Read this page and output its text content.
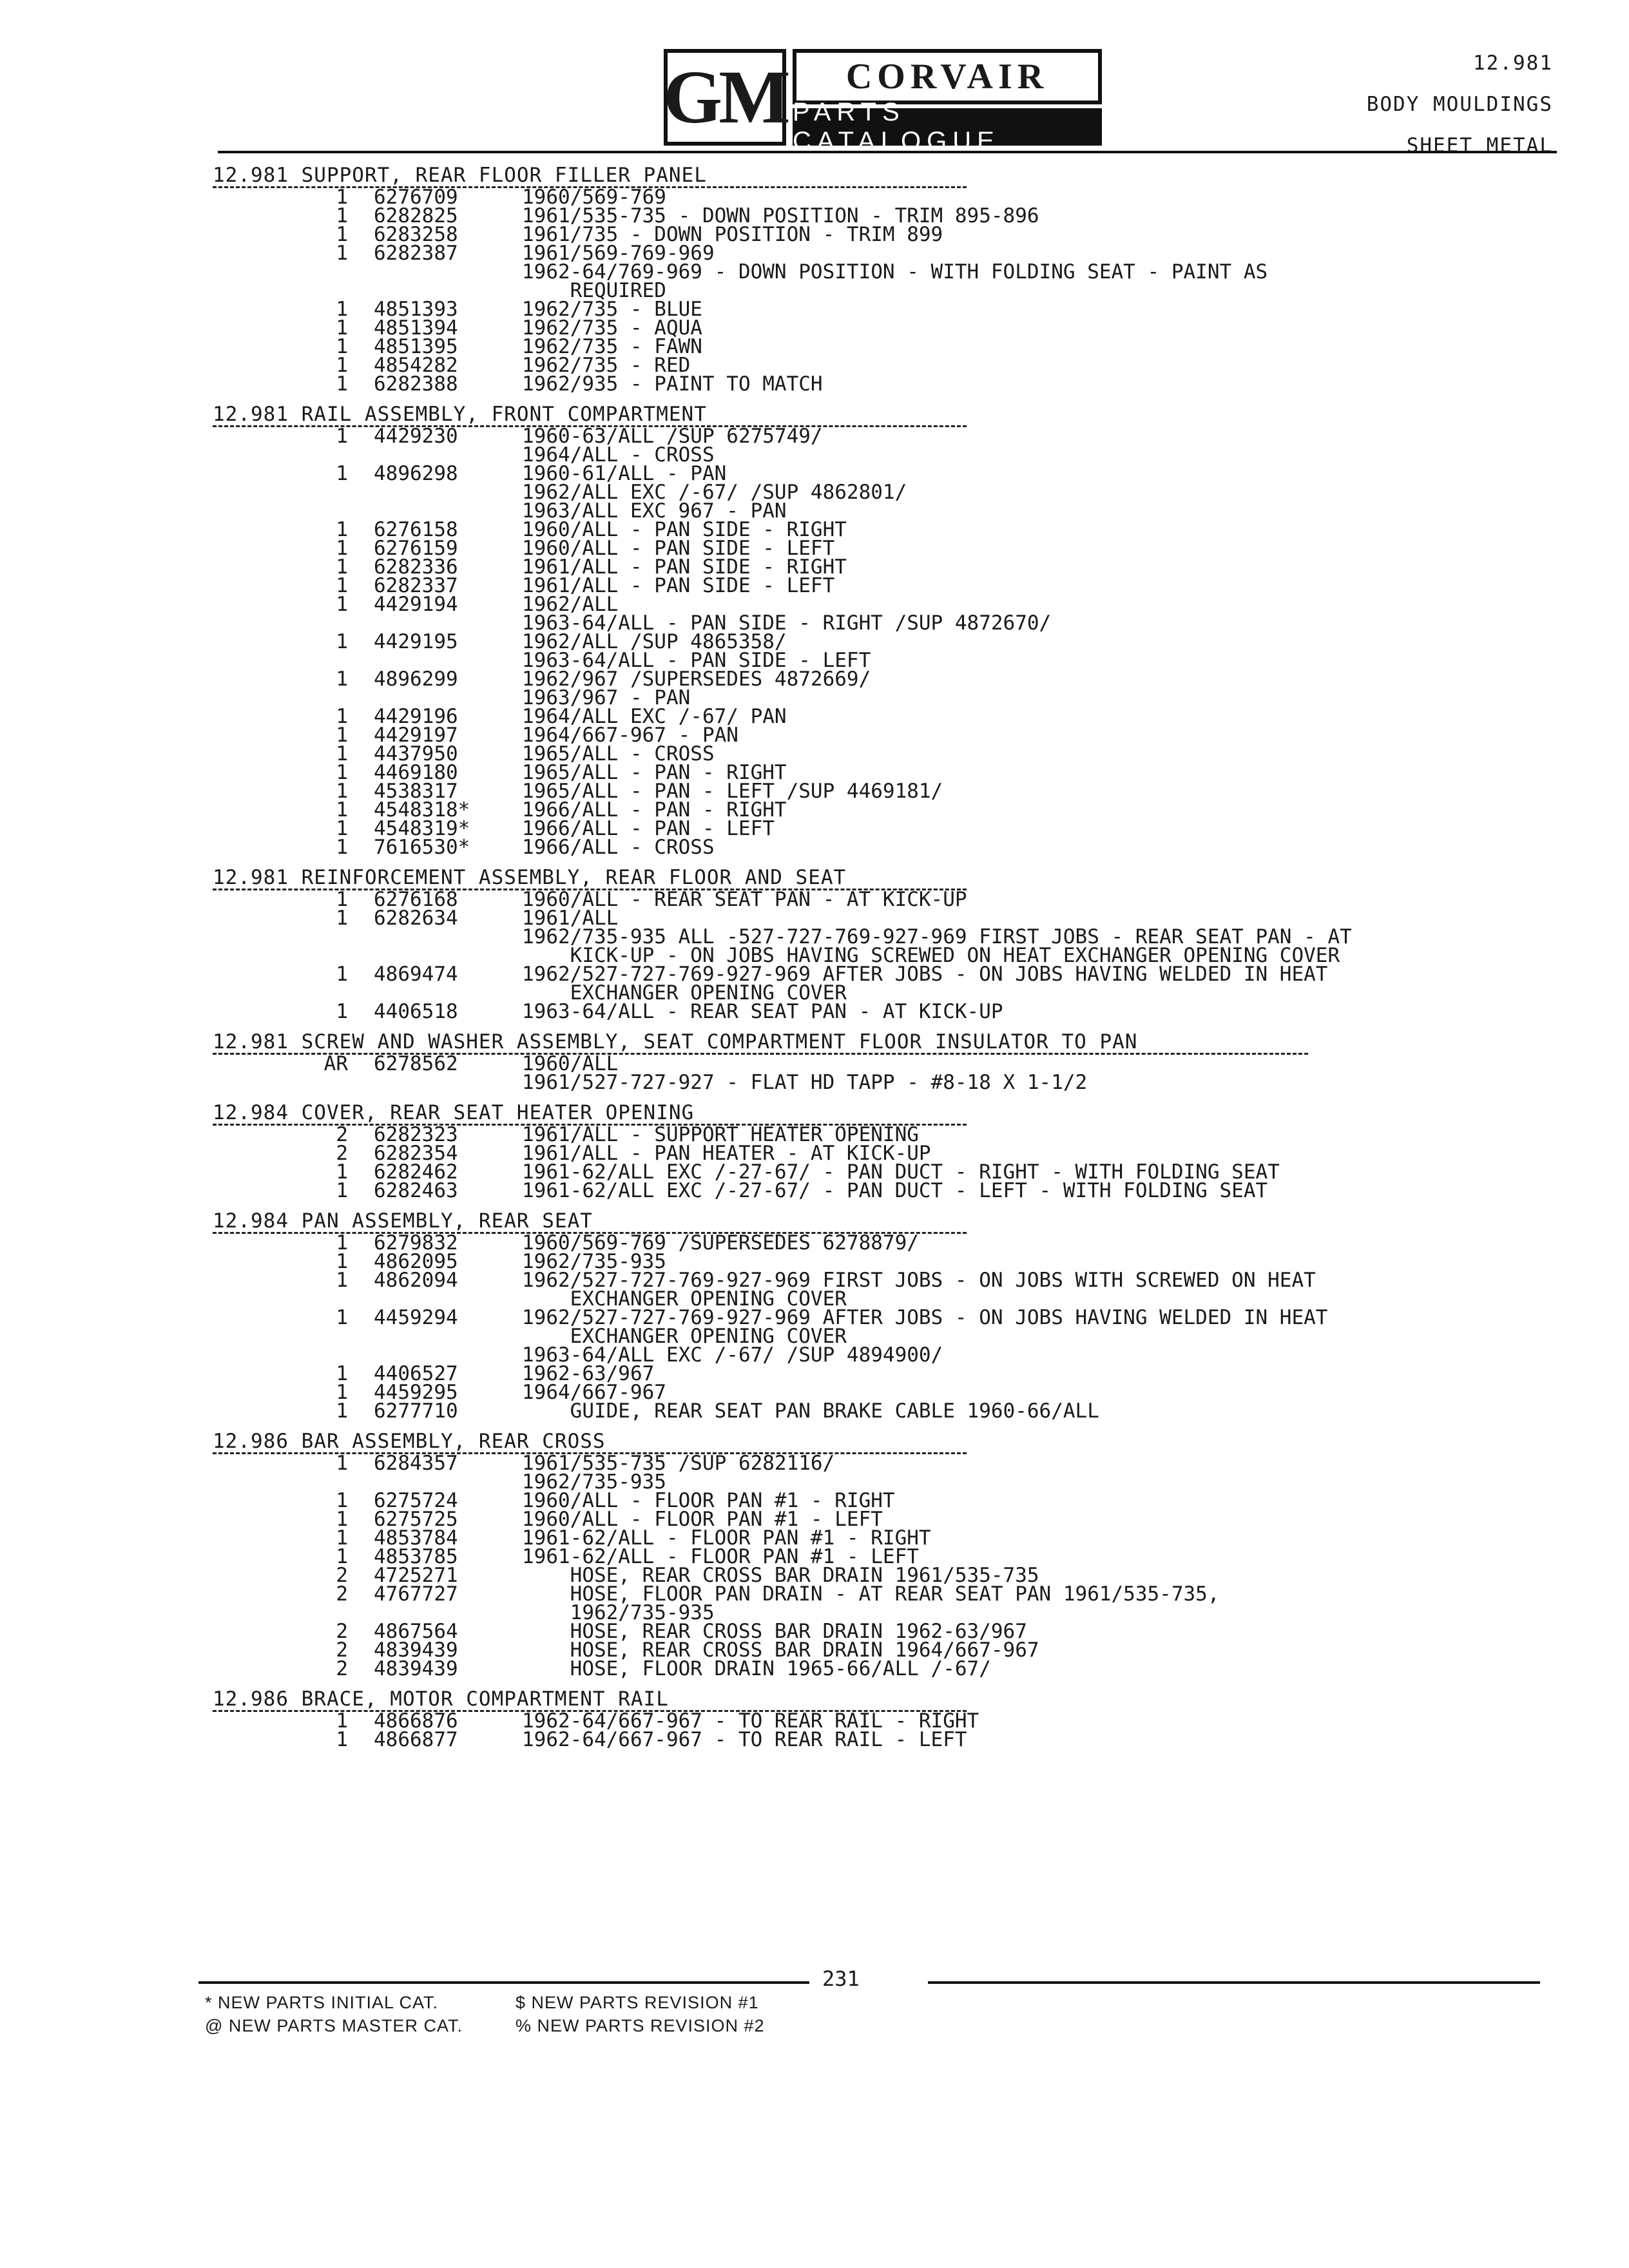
GM	CORVAIR
PARTS CATALOGUE
12.981
BODY MOULDINGS
SHEET METAL
12.981 SUPPORT, REAR FLOOR FILLER PANEL
1	6276709	1960/569-769
1	6282825	1961/535-735 - DOWN POSITION - TRIM 895-896
1	6283258	1961/735 - DOWN POSITION - TRIM 899
1	6282387	1961/569-769-969
1962-64/769-969 - DOWN POSITION - WITH FOLDING SEAT - PAINT AS
REQUIRED
1	4851393	1962/735 - BLUE
1	4851394	1962/735 - AQUA
1	4851395	1962/735 - FAWN
1	4854282	1962/735 - RED
1	6282388	1962/935 - PAINT TO MATCH
12.981 RAIL ASSEMBLY, FRONT COMPARTMENT
1	4429230	1960-63/ALL /SUP 6275749/
1964/ALL - CROSS
1	4896298	1960-61/ALL - PAN
1962/ALL EXC /-67/ /SUP 4862801/
1963/ALL EXC 967 - PAN
1	6276158	1960/ALL - PAN SIDE - RIGHT
1	6276159	1960/ALL - PAN SIDE - LEFT
1	6282336	1961/ALL - PAN SIDE - RIGHT
1	6282337	1961/ALL - PAN SIDE - LEFT
1	4429194	1962/ALL
1963-64/ALL - PAN SIDE - RIGHT /SUP 4872670/
1	4429195	1962/ALL /SUP 4865358/
1963-64/ALL - PAN SIDE - LEFT
1	4896299	1962/967 /SUPERSEDES 4872669/
1963/967 - PAN
1	4429196	1964/ALL EXC /-67/ PAN
1	4429197	1964/667-967 - PAN
1	4437950	1965/ALL - CROSS
1	4469180	1965/ALL - PAN - RIGHT
1	4538317	1965/ALL - PAN - LEFT /SUP 4469181/
1	4548318*	1966/ALL - PAN - RIGHT
1	4548319*	1966/ALL - PAN - LEFT
1	7616530*	1966/ALL - CROSS
12.981 REINFORCEMENT ASSEMBLY, REAR FLOOR AND SEAT
1	6276168	1960/ALL - REAR SEAT PAN - AT KICK-UP
1	6282634	1961/ALL
1962/735-935 ALL -527-727-769-927-969 FIRST JOBS - REAR SEAT PAN - AT
KICK-UP - ON JOBS HAVING SCREWED ON HEAT EXCHANGER OPENING COVER
1	4869474	1962/527-727-769-927-969 AFTER JOBS - ON JOBS HAVING WELDED IN HEAT
EXCHANGER OPENING COVER
1	4406518	1963-64/ALL - REAR SEAT PAN - AT KICK-UP
12.981 SCREW AND WASHER ASSEMBLY, SEAT COMPARTMENT FLOOR INSULATOR TO PAN
AR	6278562	1960/ALL
1961/527-727-927 - FLAT HD TAPP - #8-18 X 1-1/2
12.984 COVER, REAR SEAT HEATER OPENING
2	6282323	1961/ALL - SUPPORT HEATER OPENING
2	6282354	1961/ALL - PAN HEATER - AT KICK-UP
1	6282462	1961-62/ALL EXC /-27-67/ - PAN DUCT - RIGHT - WITH FOLDING SEAT
1	6282463	1961-62/ALL EXC /-27-67/ - PAN DUCT - LEFT - WITH FOLDING SEAT
12.984 PAN ASSEMBLY, REAR SEAT
1	6279832	1960/569-769 /SUPERSEDES 6278879/
1	4862095	1962/735-935
1	4862094	1962/527-727-769-927-969 FIRST JOBS - ON JOBS WITH SCREWED ON HEAT
EXCHANGER OPENING COVER
1	4459294	1962/527-727-769-927-969 AFTER JOBS - ON JOBS HAVING WELDED IN HEAT
EXCHANGER OPENING COVER
1963-64/ALL EXC /-67/ /SUP 4894900/
1	4406527	1962-63/967
1	4459295	1964/667-967
1	6277710	GUIDE, REAR SEAT PAN BRAKE CABLE 1960-66/ALL
12.986 BAR ASSEMBLY, REAR CROSS
1	6284357	1961/535-735 /SUP 6282116/
1962/735-935
1	6275724	1960/ALL - FLOOR PAN #1 - RIGHT
1	6275725	1960/ALL - FLOOR PAN #1 - LEFT
1	4853784	1961-62/ALL - FLOOR PAN #1 - RIGHT
1	4853785	1961-62/ALL - FLOOR PAN #1 - LEFT
2	4725271	HOSE, REAR CROSS BAR DRAIN 1961/535-735
2	4767727	HOSE, FLOOR PAN DRAIN - AT REAR SEAT PAN 1961/535-735,
1962/735-935
2	4867564	HOSE, REAR CROSS BAR DRAIN 1962-63/967
2	4839439	HOSE, REAR CROSS BAR DRAIN 1964/667-967
2	4839439	HOSE, FLOOR DRAIN 1965-66/ALL /-67/
12.986 BRACE, MOTOR COMPARTMENT RAIL
1	4866876	1962-64/667-967 - TO REAR RAIL - RIGHT
1	4866877	1962-64/667-967 - TO REAR RAIL - LEFT
231
* NEW PARTS INITIAL CAT.
@ NEW PARTS MASTER CAT.
$ NEW PARTS REVISION #1
% NEW PARTS REVISION #2
